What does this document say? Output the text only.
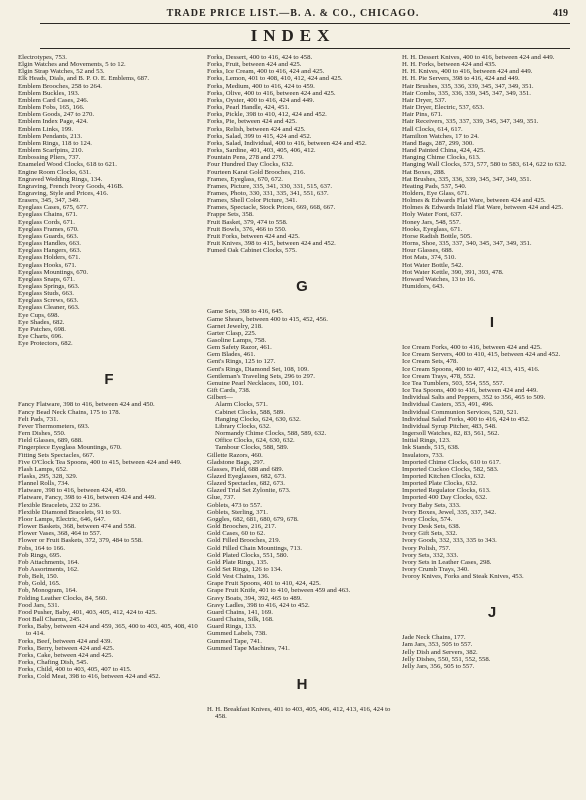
TRADE PRICE LIST.—B. A. & CO., CHICAGO.	419
INDEX
Electrotypes, 753.
Elgin Watches and Movements, 5 to 12.
Elgin Strap Watches, 52 and 53.
Elk Heads, Dials, and B. P. O. E. Emblems, 687.
Emblem Brooches, 258 to 264.
Emblem Buckles, 193.
Emblem Card Cases, 246.
Emblem Fobs, 165, 166.
Emblem Goods, 247 to 270.
Emblem Index Page, 424.
Emblem Links, 199.
Emblem Pendants, 213.
Emblem Rings, 118 to 124.
Emblem Scarfpins, 210.
Embossing Pliers, 737.
Enameled Wood Clocks, 618 to 621.
Engine Room Clocks, 631.
Engraved Wedding Rings, 134.
Engraving, French Ivory Goods, 416B.
Engraving, Style and Prices, 416.
Erasers, 345, 347, 349.
Eyeglass Cases, 675, 677.
Eyeglass Chains, 671.
Eyeglass Cords, 671.
Eyeglass Frames, 670.
Eyeglass Guards, 663.
Eyeglass Handles, 663.
Eyeglass Hangers, 663.
Eyeglass Holders, 671.
Eyeglass Hooks, 671.
Eyeglass Mountings, 670.
Eyeglass Snaps, 671.
Eyeglass Springs, 663.
Eyeglass Studs, 663.
Eyeglass Screws, 663.
Eyeglass Cleaner, 663.
Eye Cups, 698.
Eye Shades, 682.
Eye Patches, 698.
Eye Charts, 696.
Eye Protectors, 682.
F
Fancy Flatware, 398 to 416, between 424 and 450.
Fancy Bead Neck Chains, 175 to 178.
Felt Pads, 731.
Fever Thermometers, 693.
Fern Dishes, 550.
Field Glasses, 689, 688.
Fingerpiece Eyeglass Mountings, 670.
Fitting Sets Spectacles, 667.
Five O'Clock Tea Spoons, 400 to 415, between 424 and 449.
Flash Lamps, 652.
Flasks, 295, 328, 329.
Flannel Rolls, 734.
Flatware, 398 to 416, between 424, 459.
Flatware, Fancy, 398 to 416, between 424 and 449.
Flexible Bracelets, 232 to 236.
Flexible Diamond Bracelets, 91 to 93.
Floor Lamps, Electric, 646, 647.
Flower Baskets, 368, between 474 and 558.
Flower Vases, 368, 464 to 557.
Flower or Fruit Baskets, 372, 379, 484 to 558.
Fobs, 164 to 166.
Fob Rings, 695.
Fob Attachments, 164.
Fob Assortments, 162.
Fob, Belt, 150.
Fob, Gold, 165.
Fob, Monogram, 164.
Folding Leather Clocks, 84, 560.
Food Jars, 531.
Food Pusher, Baby, 401, 403, 405, 412, 424 to 425.
Foot Ball Charms, 245.
Forks, Baby, between 424 and 459, 365, 400 to 403, 405, 408, 410 to 414.
Forks, Beef, between 424 and 439.
Forks, Berry, between 424 and 425.
Forks, Cake, between 424 and 425.
Forks, Chafing Dish, 545.
Forks, Child, 400 to 403, 405, 407 to 415.
Forks, Cold Meat, 398 to 416, between 424 and 452.
Forks, Dessert, 400 to 416, 424 to 458.
Forks, Fruit, between 424 and 425.
Forks, Ice Cream, 400 to 416, 424 and 425.
Forks, Lemon, 401 to 408, 410, 412, 424 and 425.
Forks, Medium, 400 to 416, 424 to 459.
Forks, Olive, 400 to 416, between 424 and 425.
Forks, Oyster, 400 to 416, 424 and 449.
Forks, Pearl Handle, 424, 451.
Forks, Pickle, 398 to 410, 412, 424 and 452.
Forks, Pie, between 424 and 425.
Forks, Relish, between 424 and 425.
Forks, Salad, 399 to 415, 424 and 452.
Forks, Salad, Individual, 400 to 416, between 424 and 452.
Forks, Sardine, 401, 403, 405, 406, 412.
Fountain Pens, 278 and 279.
Four Hundred Day Clocks, 632.
Fourteen Karat Gold Brooches, 216.
Frames, Eyeglass, 670, 672.
Frames, Picture, 335, 341, 330, 331, 515, 637.
Frames, Photo, 330, 331, 335, 341, 551, 637.
Frames, Shell Color Picture, 341.
Frames, Spectacle, Stock Prices, 669, 668, 667.
Frappe Sets, 358.
Fruit Basket, 379, 474 to 558.
Fruit Bowls, 376, 466 to 550.
Fruit Forks, between 424 and 425.
Fruit Knives, 398 to 415, between 424 and 452.
Fumed Oak Cabinet Clocks, 575.
G
Game Sets, 398 to 416, 645.
Game Shears, between 400 to 415, 452, 456.
Garnet Jewelry, 218.
Garter Clasp, 225.
Gasoline Lamps, 758.
Gem Safety Razor, 461.
Gem Blades, 461.
Gent's Rings, 125 to 127.
Gent's Rings, Diamond Set, 108, 109.
Gentleman's Traveling Sets, 296 to 297.
Genuine Pearl Necklaces, 100, 101.
Gift Cards, 738.
Gilbert—
Alarm Clocks, 571.
Cabinet Clocks, 588, 589.
Hanging Clocks, 624, 630, 632.
Library Clocks, 632.
Normandy Chime Clocks, 588, 589, 632.
Office Clocks, 624, 630, 632.
Tambour Clocks, 588, 589.
Gillette Razors, 460.
Gladstone Bags, 297.
Glasses, Field, 688 and 689.
Glazed Eyeglasses, 682, 673.
Glazed Spectacles, 682, 673.
Glazed Trial Set Zylonite, 673.
Glue, 737.
Goblets, 473 to 557.
Goblets, Sterling, 371.
Goggles, 682, 681, 680, 679, 678.
Gold Brooches, 216, 217.
Gold Cases, 60 to 62.
Gold Filled Brooches, 219.
Gold Filled Chain Mountings, 713.
Gold Plated Clocks, 551, 580.
Gold Plate Rings, 135.
Gold Set Rings, 126 to 134.
Gold Vest Chains, 136.
Grape Fruit Spoons, 401 to 410, 424, 425.
Grape Fruit Knife, 401 to 410, between 459 and 463.
Gravy Boats, 394, 392, 465 to 489.
Gravy Ladles, 398 to 416, 424 to 452.
Guard Chains, 141, 169.
Guard Chains, Silk, 168.
Guard Rings, 133.
Gummed Labels, 738.
Gummed Tape, 741.
Gummed Tape Machines, 741.
H
H. H. Breakfast Knives, 401 to 403, 405, 406, 412, 413, 416, 424 to 458.
H. H. Dessert Knives, 400 to 416, between 424 and 449.
H. H. Forks, between 424 and 435.
H. H. Knives, 400 to 416, between 424 and 449.
H. H. Pie Servers, 398 to 416, 424 and 449.
Hair Brushes, 335, 336, 339, 345, 347, 349, 351.
Hair Combs, 335, 336, 339, 345, 347, 349, 351.
Hair Dryer, 537.
Hair Dryer, Electric, 537, 653.
Hair Pins, 671.
Hair Receivers, 335, 337, 339, 345, 347, 349, 351.
Hall Clocks, 614, 617.
Hamilton Watches, 17 to 24.
Hand Bags, 287, 299, 300.
Hand Painted China, 424, 425.
Hanging Chime Clocks, 613.
Hanging Wall Clocks, 573, 577, 580 to 583, 614, 622 to 632.
Hat Boxes, 288.
Hat Brushes, 335, 336, 339, 345, 347, 349, 351.
Heating Pads, 537, 540.
Holders, Eye Glass, 671.
Holmes & Edwards Flat Ware, between 424 and 425.
Holmes & Edwards Inlaid Flat Ware, between 424 and 425.
Holy Water Font, 637.
Honey Jars, 548, 557.
Hooks, Eyeglass, 671.
Horse Radish Bottle, 505.
Horns, Shoe, 335, 337, 340, 345, 347, 349, 351.
Hour Glasses, 688.
Hot Mats, 374, 510.
Hot Water Bottle, 542.
Hot Water Kettle, 390, 391, 393, 478.
Howard Watches, 13 to 16.
Humidors, 643.
I
Ice Cream Forks, 400 to 416, between 424 and 425.
Ice Cream Servers, 400 to 410, 415, between 424 and 452.
Ice Cream Sets, 478.
Ice Cream Spoons, 400 to 407, 412, 413, 415, 416.
Ice Cream Trays, 478, 552.
Ice Tea Tumblers, 503, 554, 555, 557.
Ice Tea Spoons, 400 to 416, between 424 and 449.
Individual Salts and Peppers, 352 to 356, 465 to 509.
Individual Casters, 353, 491, 496.
Individual Communion Services, 520, 521.
Individual Salad Forks, 400 to 416, 424 to 452.
Individual Syrup Pitcher, 483, 548.
Ingersoll Watches, 82, 83, 561, 562.
Initial Rings, 123.
Ink Stands, 515, 638.
Insulators, 733.
Imported Chime Clocks, 610 to 617.
Imported Cuckoo Clocks, 582, 583.
Imported Kitchen Clocks, 632.
Imported Plate Clocks, 632.
Imported Regulator Clocks, 613.
Imported 400 Day Clocks, 632.
Ivory Baby Sets, 333.
Ivory Boxes, Jewel, 335, 337, 342.
Ivory Clocks, 574.
Ivory Desk Sets, 638.
Ivory Gift Sets, 332.
Ivory Goods, 332, 333, 335 to 343.
Ivory Polish, 757.
Ivory Sets, 332, 333.
Ivory Sets in Leather Cases, 298.
Ivory Crumb Trays, 340.
Ivoroy Knives, Forks and Steak Knives, 453.
J
Jade Neck Chains, 177.
Jam Jars, 353, 505 to 557.
Jelly Dish and Servers, 382.
Jelly Dishes, 550, 551, 552, 558.
Jelly Jars, 356, 505 to 557.
